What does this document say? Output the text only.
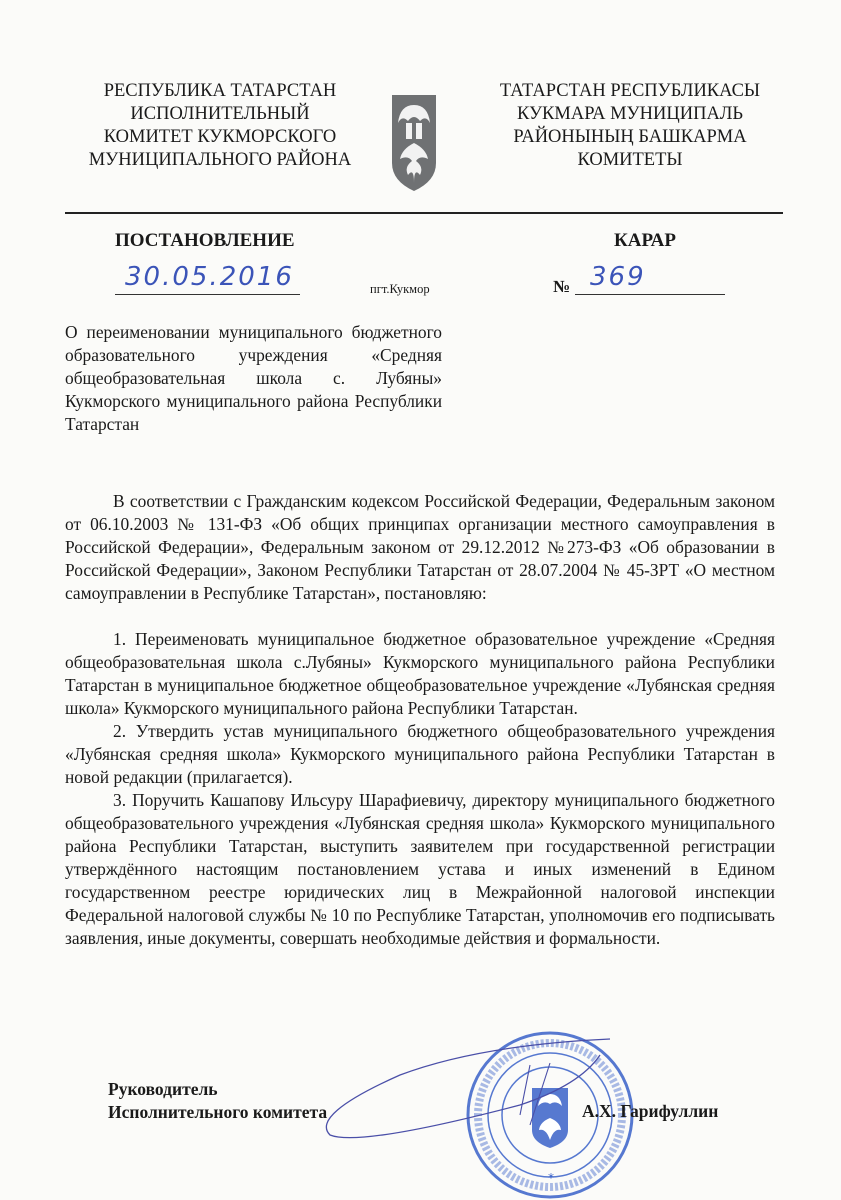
РЕСПУБЛИКА ТАТАРСТАН
ИСПОЛНИТЕЛЬНЫЙ
КОМИТЕТ КУКМОРСКОГО
МУНИЦИПАЛЬНОГО РАЙОНА
ТАТАРСТАН РЕСПУБЛИКАСЫ
КУКМАРА МУНИЦИПАЛЬ
РАЙОНЫНЫҢ БАШКАРМА
КОМИТЕТЫ
ПОСТАНОВЛЕНИЕ	КАРАР
30.05.2016	пгт.Кукмор	№ 369
О переименовании муниципального бюджетного образовательного учреждения «Средняя общеобразовательная школа с. Лубяны» Кукморского муниципального района Республики Татарстан

В соответствии с Гражданским кодексом Российской Федерации, Федеральным законом от 06.10.2003 № 131-ФЗ «Об общих принципах организации местного самоуправления в Российской Федерации», Федеральным законом от 29.12.2012 №273-ФЗ «Об образовании в Российской Федерации», Законом Республики Татарстан от 28.07.2004 № 45-ЗРТ «О местном самоуправлении в Республике Татарстан», постановляю:

1. Переименовать муниципальное бюджетное образовательное учреждение «Средняя общеобразовательная школа с.Лубяны» Кукморского муниципального района Республики Татарстан в муниципальное бюджетное общеобразовательное учреждение «Лубянская средняя школа» Кукморского муниципального района Республики Татарстан.

2. Утвердить устав муниципального бюджетного общеобразовательного учреждения «Лубянская средняя школа» Кукморского муниципального района Республики Татарстан в новой редакции (прилагается).

3. Поручить Кашапову Ильсуру Шарафиевичу, директору муниципального бюджетного общеобразовательного учреждения «Лубянская средняя школа» Кукморского муниципального района Республики Татарстан, выступить заявителем при государственной регистрации утверждённого настоящим постановлением устава и иных изменений в Едином государственном реестре юридических лиц в Межрайонной налоговой инспекции Федеральной налоговой службы № 10 по Республике Татарстан, уполномочив его подписывать заявления, иные документы, совершать необходимые действия и формальности.

Руководитель
Исполнительного комитета
*
А.Х. Гарифуллин
